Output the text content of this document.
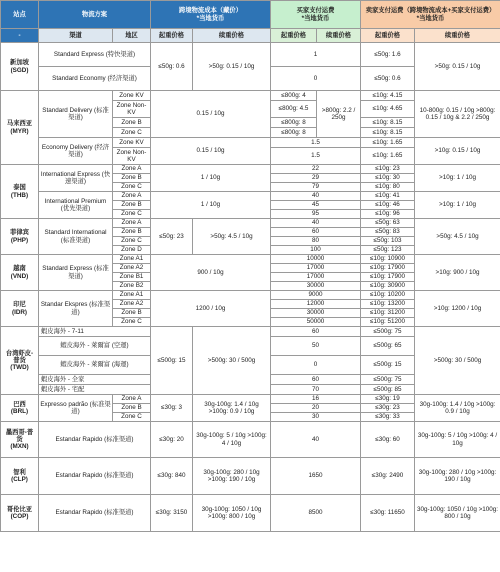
站点	物流方案		跨境物流成本（藏价）
*当地货币		买家支付运费
*当地货币		卖家支付运费（跨境物流成本+买家支付运费）
*当地货币	
-	渠道	地区	起重价格	续重价格	起重价格	续重价格	起重价格	续重价格
新加坡
(SGD)	Standard Express (特快渠道)		≤50g: 0.6	>50g: 0.15 / 10g	1		≤50g: 1.6	>50g: 0.15 / 10g
	Standard Economy (经济渠道)				0		≤50g: 0.6	
马来西亚
(MYR)	Standard Delivery (标准渠道)	Zone KV	0.15 / 10g		≤800g: 4	>800g: 2.2 / 250g	≤10g: 4.15	10-800g: 0.15 / 10g >800g: 0.15 / 10g & 2.2 / 250g
		Zone Non-KV			≤800g: 4.5		≤10g: 4.65	
		Zone B			≤800g: 8		≤10g: 8.15	
		Zone C			≤800g: 8		≤10g: 8.15	
	Economy Delivery (经济渠道)	Zone KV	0.15 / 10g		1.5		≤10g: 1.65	>10g: 0.15 / 10g
		Zone Non-KV			1.5		≤10g: 1.65	
泰国
(THB)	International Express (快速渠道)	Zone A	1 / 10g		22		≤10g: 23	>10g: 1 / 10g
		Zone B			29		≤10g: 30	
		Zone C			79		≤10g: 80	
	International Premium (优先渠道)	Zone A	1 / 10g		40		≤10g: 41	>10g: 1 / 10g
		Zone B			45		≤10g: 46	
		Zone C			95		≤10g: 96	
菲律宾
(PHP)	Standard International (标准渠道)	Zone A	≤50g: 23	>50g: 4.5 / 10g	40		≤50g: 63	>50g: 4.5 / 10g
		Zone B			60		≤50g: 83	
		Zone C			80		≤50g: 103	
		Zone D			100		≤50g: 123	
越南
(VND)	Standard Express (标准渠道)	Zone A1	900 / 10g		10000		≤10g: 10900	>10g: 900 / 10g
		Zone A2			17000		≤10g: 17900	
		Zone B1			17000		≤10g: 17900	
		Zone B2			30000		≤10g: 30900	
印尼
(IDR)	Standar Ekspres (标准渠道)	Zone A1	1200 / 10g		9000		≤10g: 10200	>10g: 1200 / 10g
		Zone A2			12000		≤10g: 13200	
		Zone B			30000		≤10g: 31200	
		Zone C			50000		≤10g: 51200	
台湾虾皮-
普货
(TWD)	蝦皮海外 - 7-11		≤500g: 15	>500g: 30 / 500g	60		≤500g: 75	>500g: 30 / 500g
	蝦皮海外 - 萊爾富 (空運)				50		≤500g: 65	
	蝦皮海外 - 萊爾富 (海運)				0		≤500g: 15	
	蝦皮海外 - 全家				60		≤500g: 75	
	蝦皮海外 - 宅配				70		≤500g: 85	
巴西
(BRL)	Expresso padrão (标准渠道)	Zone A	≤30g: 3	30g-100g: 1.4 / 10g >100g: 0.9 / 10g	16		≤30g: 19	30g-100g: 1.4 / 10g >100g: 0.9 / 10g
		Zone B			20		≤30g: 23	
		Zone C			30		≤30g: 33	
墨西哥-普
货
(MXN)	Estandar Rapido (标准渠道)		≤30g: 20	30g-100g: 5 / 10g >100g: 4 / 10g	40		≤30g: 60	30g-100g: 5 / 10g >100g: 4 / 10g
智利
(CLP)	Estandar Rapido (标准渠道)		≤30g: 840	30g-100g: 280 / 10g >100g: 190 / 10g	1650		≤30g: 2490	30g-100g: 280 / 10g >100g: 190 / 10g
哥伦比亚
(COP)	Estandar Rapido (标准渠道)		≤30g: 3150	30g-100g: 1050 / 10g >100g: 800 / 10g	8500		≤30g: 11650	30g-100g: 1050 / 10g >100g: 800 / 10g
